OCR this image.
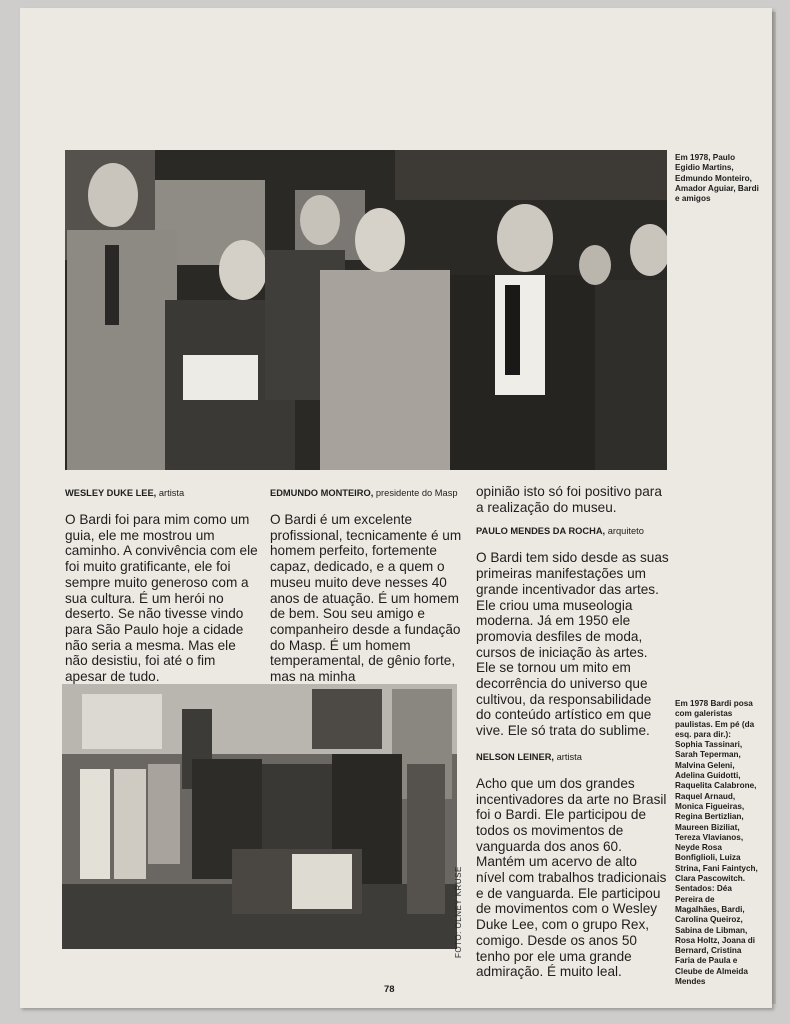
Em 1978, Paulo Egidio Martins, Edmundo Monteiro, Amador Aguiar, Bardi e amigos
WESLEY DUKE LEE, artista

O Bardi foi para mim como um guia, ele me mostrou um caminho. A convivência com ele foi muito gratificante, ele foi sempre muito generoso com a sua cultura. É um herói no deserto. Se não tivesse vindo para São Paulo hoje a cidade não seria a mesma. Mas ele não desistiu, foi até o fim apesar de tudo.

EDMUNDO MONTEIRO, presidente do Masp

O Bardi é um excelente profissional, tecnicamente é um homem perfeito, fortemente capaz, dedicado, e a quem o museu muito deve nesses 40 anos de atuação. É um homem de bem. Sou seu amigo e companheiro desde a fundação do Masp. É um homem temperamental, de gênio forte, mas na minha

opinião isto só foi positivo para a realização do museu.

PAULO MENDES DA ROCHA, arquiteto

O Bardi tem sido desde as suas primeiras manifestações um grande incentivador das artes. Ele criou uma museologia moderna. Já em 1950 ele promovia desfiles de moda, cursos de iniciação às artes. Ele se tornou um mito em decorrência do universo que cultivou, da responsabilidade do conteúdo artístico em que vive. Ele só trata do sublime.

NELSON LEINER, artista

Acho que um dos grandes incentivadores da arte no Brasil foi o Bardi. Ele participou de todos os movimentos de vanguarda dos anos 60. Mantém um acervo de alto nível com trabalhos tradicionais e de vanguarda. Ele participou de movimentos com o Wesley Duke Lee, com o grupo Rex, comigo. Desde os anos 50 tenho por ele uma grande admiração. É muito leal.

FOTO: OLNEY KRUSE
Em 1978 Bardi posa com galeristas paulistas. Em pé (da esq. para dir.): Sophia Tassinari, Sarah Teperman, Malvina Geleni, Adelina Guidotti, Raquelita Calabrone, Raquel Arnaud, Monica Figueiras, Regina Bertizlian, Maureen Biziliat, Tereza Vlavianos, Neyde Rosa Bonfiglioli, Luiza Strina, Fani Faintych, Clara Pascowitch. Sentados: Déa Pereira de Magalhães, Bardi, Carolina Queiroz, Sabina de Libman, Rosa Holtz, Joana di Bernard, Cristina Faria de Paula e Cleube de Almeida Mendes
78
